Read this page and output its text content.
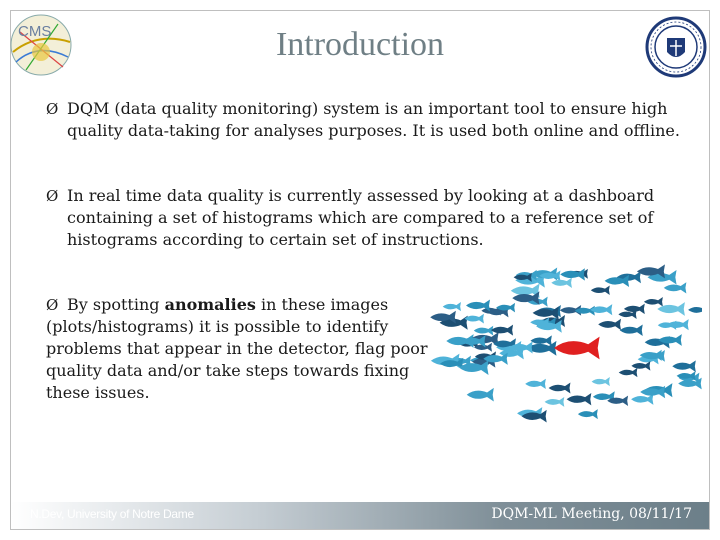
CMS	Introduction
Ø DQM (data quality monitoring) system is an important tool to ensure high quality data-taking for analyses purposes. It is used both online and offline.
Ø In real time data quality is currently assessed by looking at a dashboard containing a set of histograms which are compared to a reference set of histograms according to certain set of instructions.
Ø By spotting anomalies in these images (plots/histograms) it is possible to identify problems that appear in the detector, flag poor quality data and/or take steps towards fixing these issues.
N.Dev, University of Notre Dame	DQM-ML Meeting, 08/11/17
